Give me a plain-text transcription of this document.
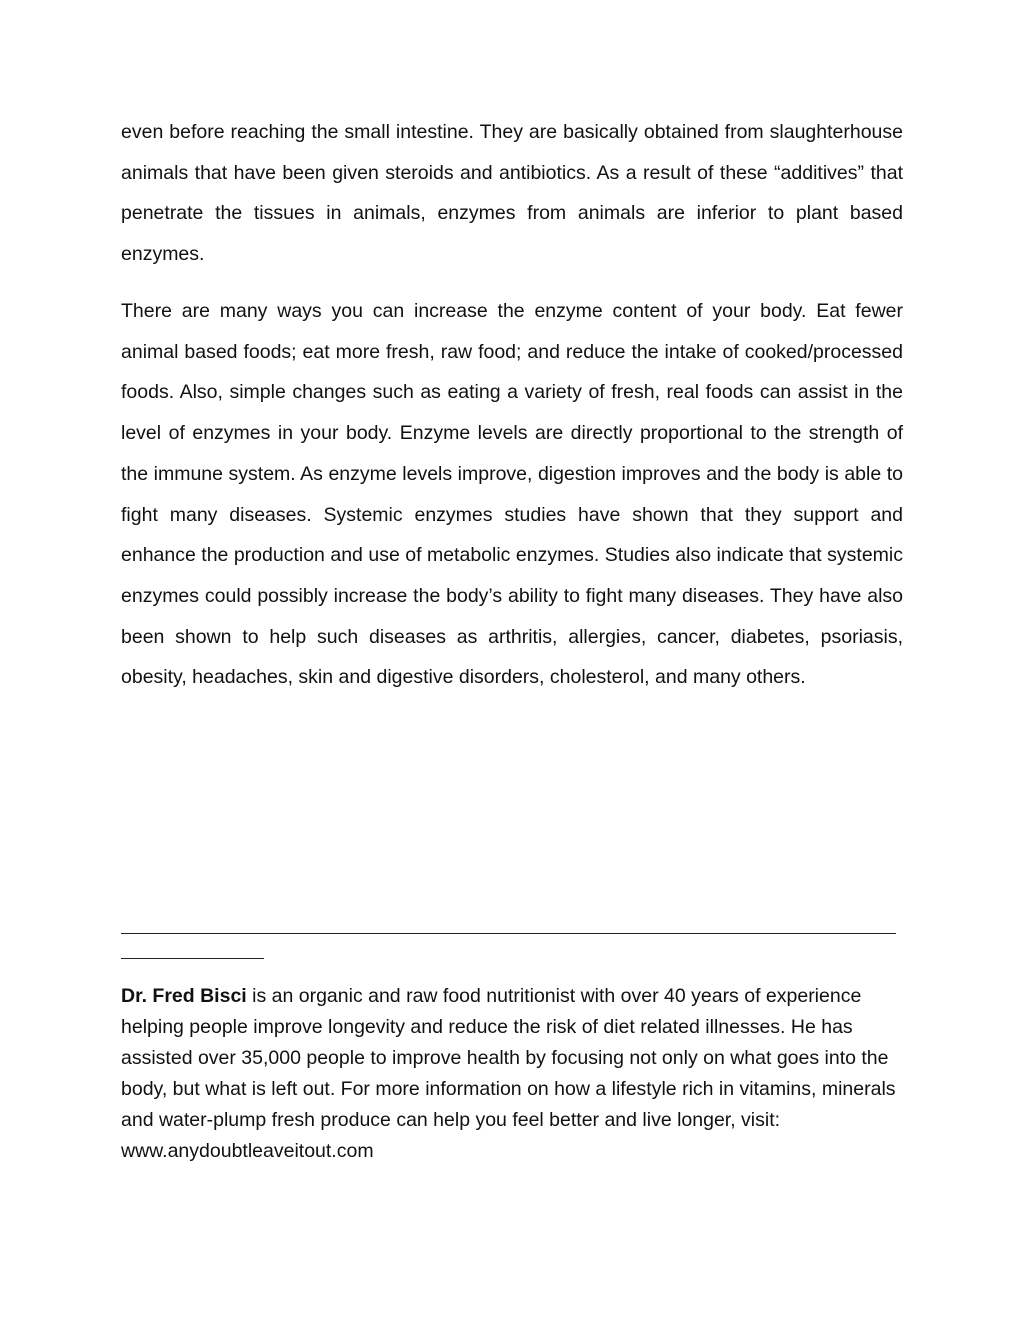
even before reaching the small intestine. They are basically obtained from slaughterhouse animals that have been given steroids and antibiotics. As a result of these “additives” that penetrate the tissues in animals, enzymes from animals are inferior to plant based enzymes.

There are many ways you can increase the enzyme content of your body. Eat fewer animal based foods; eat more fresh, raw food; and reduce the intake of cooked/processed foods. Also, simple changes such as eating a variety of fresh, real foods can assist in the level of enzymes in your body. Enzyme levels are directly proportional to the strength of the immune system. As enzyme levels improve, digestion improves and the body is able to fight many diseases. Systemic enzymes studies have shown that they support and enhance the production and use of metabolic enzymes. Studies also indicate that systemic enzymes could possibly increase the body’s ability to fight many diseases. They have also been shown to help such diseases as arthritis, allergies, cancer, diabetes, psoriasis, obesity, headaches, skin and digestive disorders, cholesterol, and many others.

Dr. Fred Bisci is an organic and raw food nutritionist with over 40 years of experience helping people improve longevity and reduce the risk of diet related illnesses. He has assisted over 35,000 people to improve health by focusing not only on what goes into the body, but what is left out. For more information on how a lifestyle rich in vitamins, minerals and water-plump fresh produce can help you feel better and live longer, visit: www.anydoubtleaveitout.com
